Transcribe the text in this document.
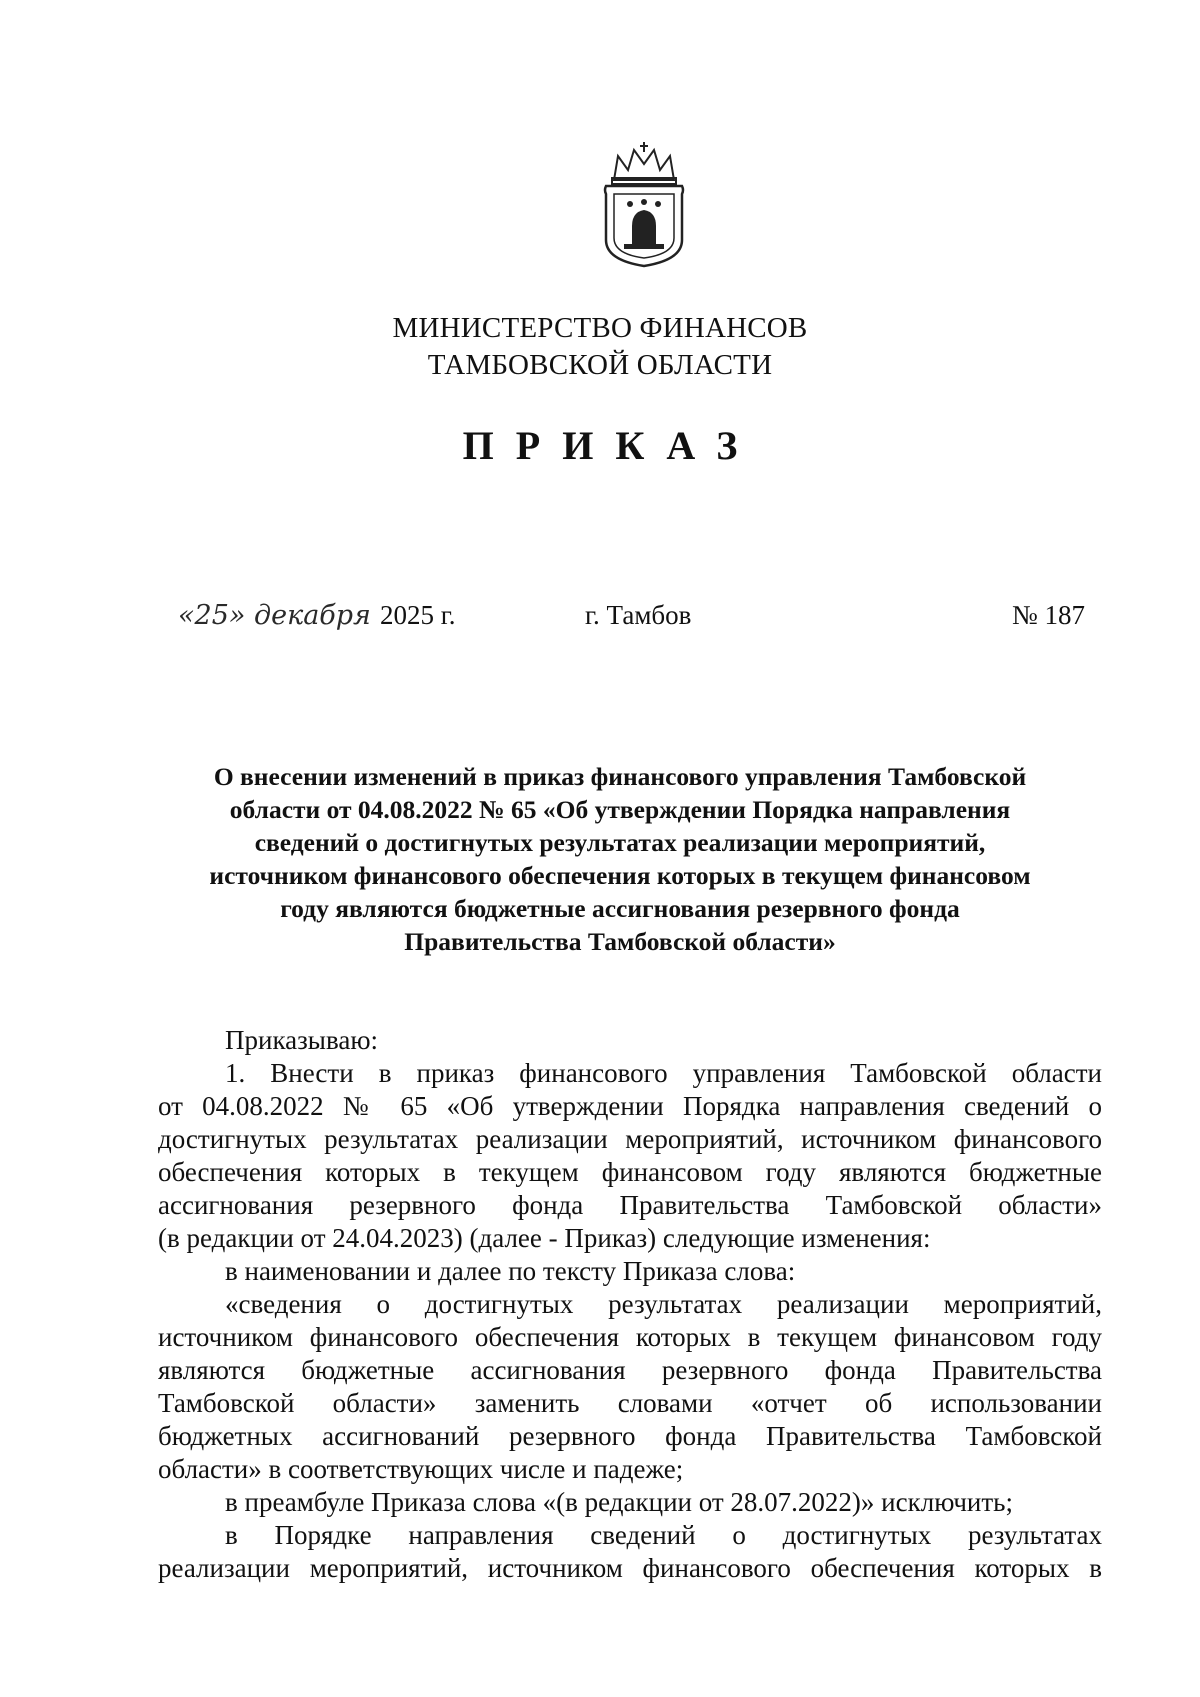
МИНИСТЕРСТВО ФИНАНСОВ
ТАМБОВСКОЙ ОБЛАСТИ
ПРИКАЗ
«25» декабря 2025 г.	г. Тамбов	№ 187
О внесении изменений в приказ финансового управления Тамбовской
области от 04.08.2022 № 65 «Об утверждении Порядка направления
сведений о достигнутых результатах реализации мероприятий,
источником финансового обеспечения которых в текущем финансовом
году являются бюджетные ассигнования резервного фонда
Правительства Тамбовской области»

Приказываю:

1. Внести в приказ финансового управления Тамбовской области

от 04.08.2022 № 65 «Об утверждении Порядка направления сведений о

достигнутых результатах реализации мероприятий, источником финансового

обеспечения которых в текущем финансовом году являются бюджетные

ассигнования резервного фонда Правительства Тамбовской области»

(в редакции от 24.04.2023) (далее - Приказ) следующие изменения:

в наименовании и далее по тексту Приказа слова:

«сведения о достигнутых результатах реализации мероприятий,

источником финансового обеспечения которых в текущем финансовом году

являются бюджетные ассигнования резервного фонда Правительства

Тамбовской области» заменить словами «отчет об использовании

бюджетных ассигнований резервного фонда Правительства Тамбовской

области» в соответствующих числе и падеже;

в преамбуле Приказа слова «(в редакции от 28.07.2022)» исключить;

в Порядке направления сведений о достигнутых результатах

реализации мероприятий, источником финансового обеспечения которых в
